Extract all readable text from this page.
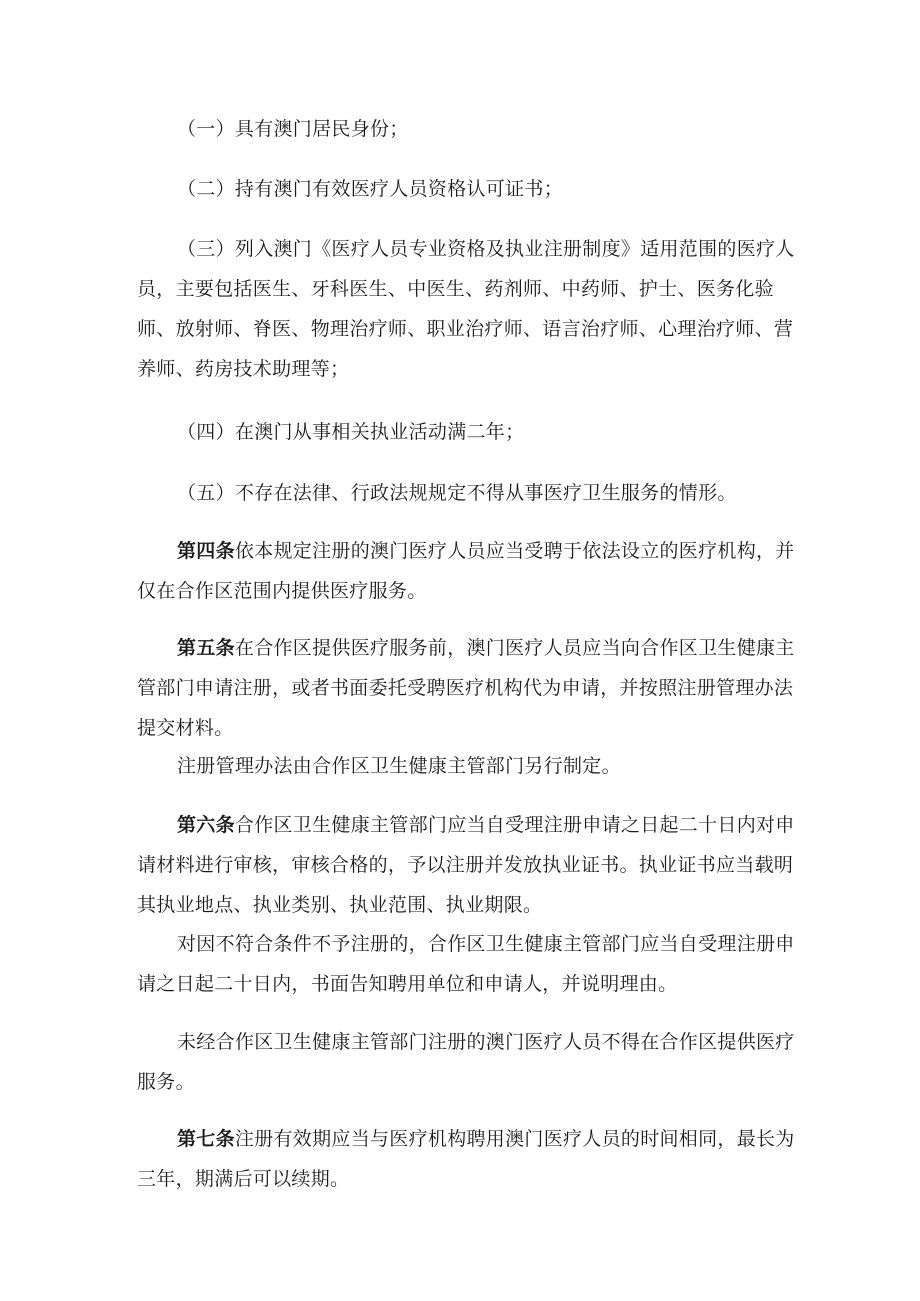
（一）具有澳门居民身份；

（二）持有澳门有效医疗人员资格认可证书；

（三）列入澳门《医疗人员专业资格及执业注册制度》适用范围的医疗人员，主要包括医生、牙科医生、中医生、药剂师、中药师、护士、医务化验师、放射师、脊医、物理治疗师、职业治疗师、语言治疗师、心理治疗师、营养师、药房技术助理等；

（四）在澳门从事相关执业活动满二年；

（五）不存在法律、行政法规规定不得从事医疗卫生服务的情形。

第四条依本规定注册的澳门医疗人员应当受聘于依法设立的医疗机构，并仅在合作区范围内提供医疗服务。

第五条在合作区提供医疗服务前，澳门医疗人员应当向合作区卫生健康主管部门申请注册，或者书面委托受聘医疗机构代为申请，并按照注册管理办法提交材料。

注册管理办法由合作区卫生健康主管部门另行制定。

第六条合作区卫生健康主管部门应当自受理注册申请之日起二十日内对申请材料进行审核，审核合格的，予以注册并发放执业证书。执业证书应当载明其执业地点、执业类别、执业范围、执业期限。

对因不符合条件不予注册的，合作区卫生健康主管部门应当自受理注册申请之日起二十日内，书面告知聘用单位和申请人，并说明理由。

未经合作区卫生健康主管部门注册的澳门医疗人员不得在合作区提供医疗服务。

第七条注册有效期应当与医疗机构聘用澳门医疗人员的时间相同，最长为三年，期满后可以续期。
